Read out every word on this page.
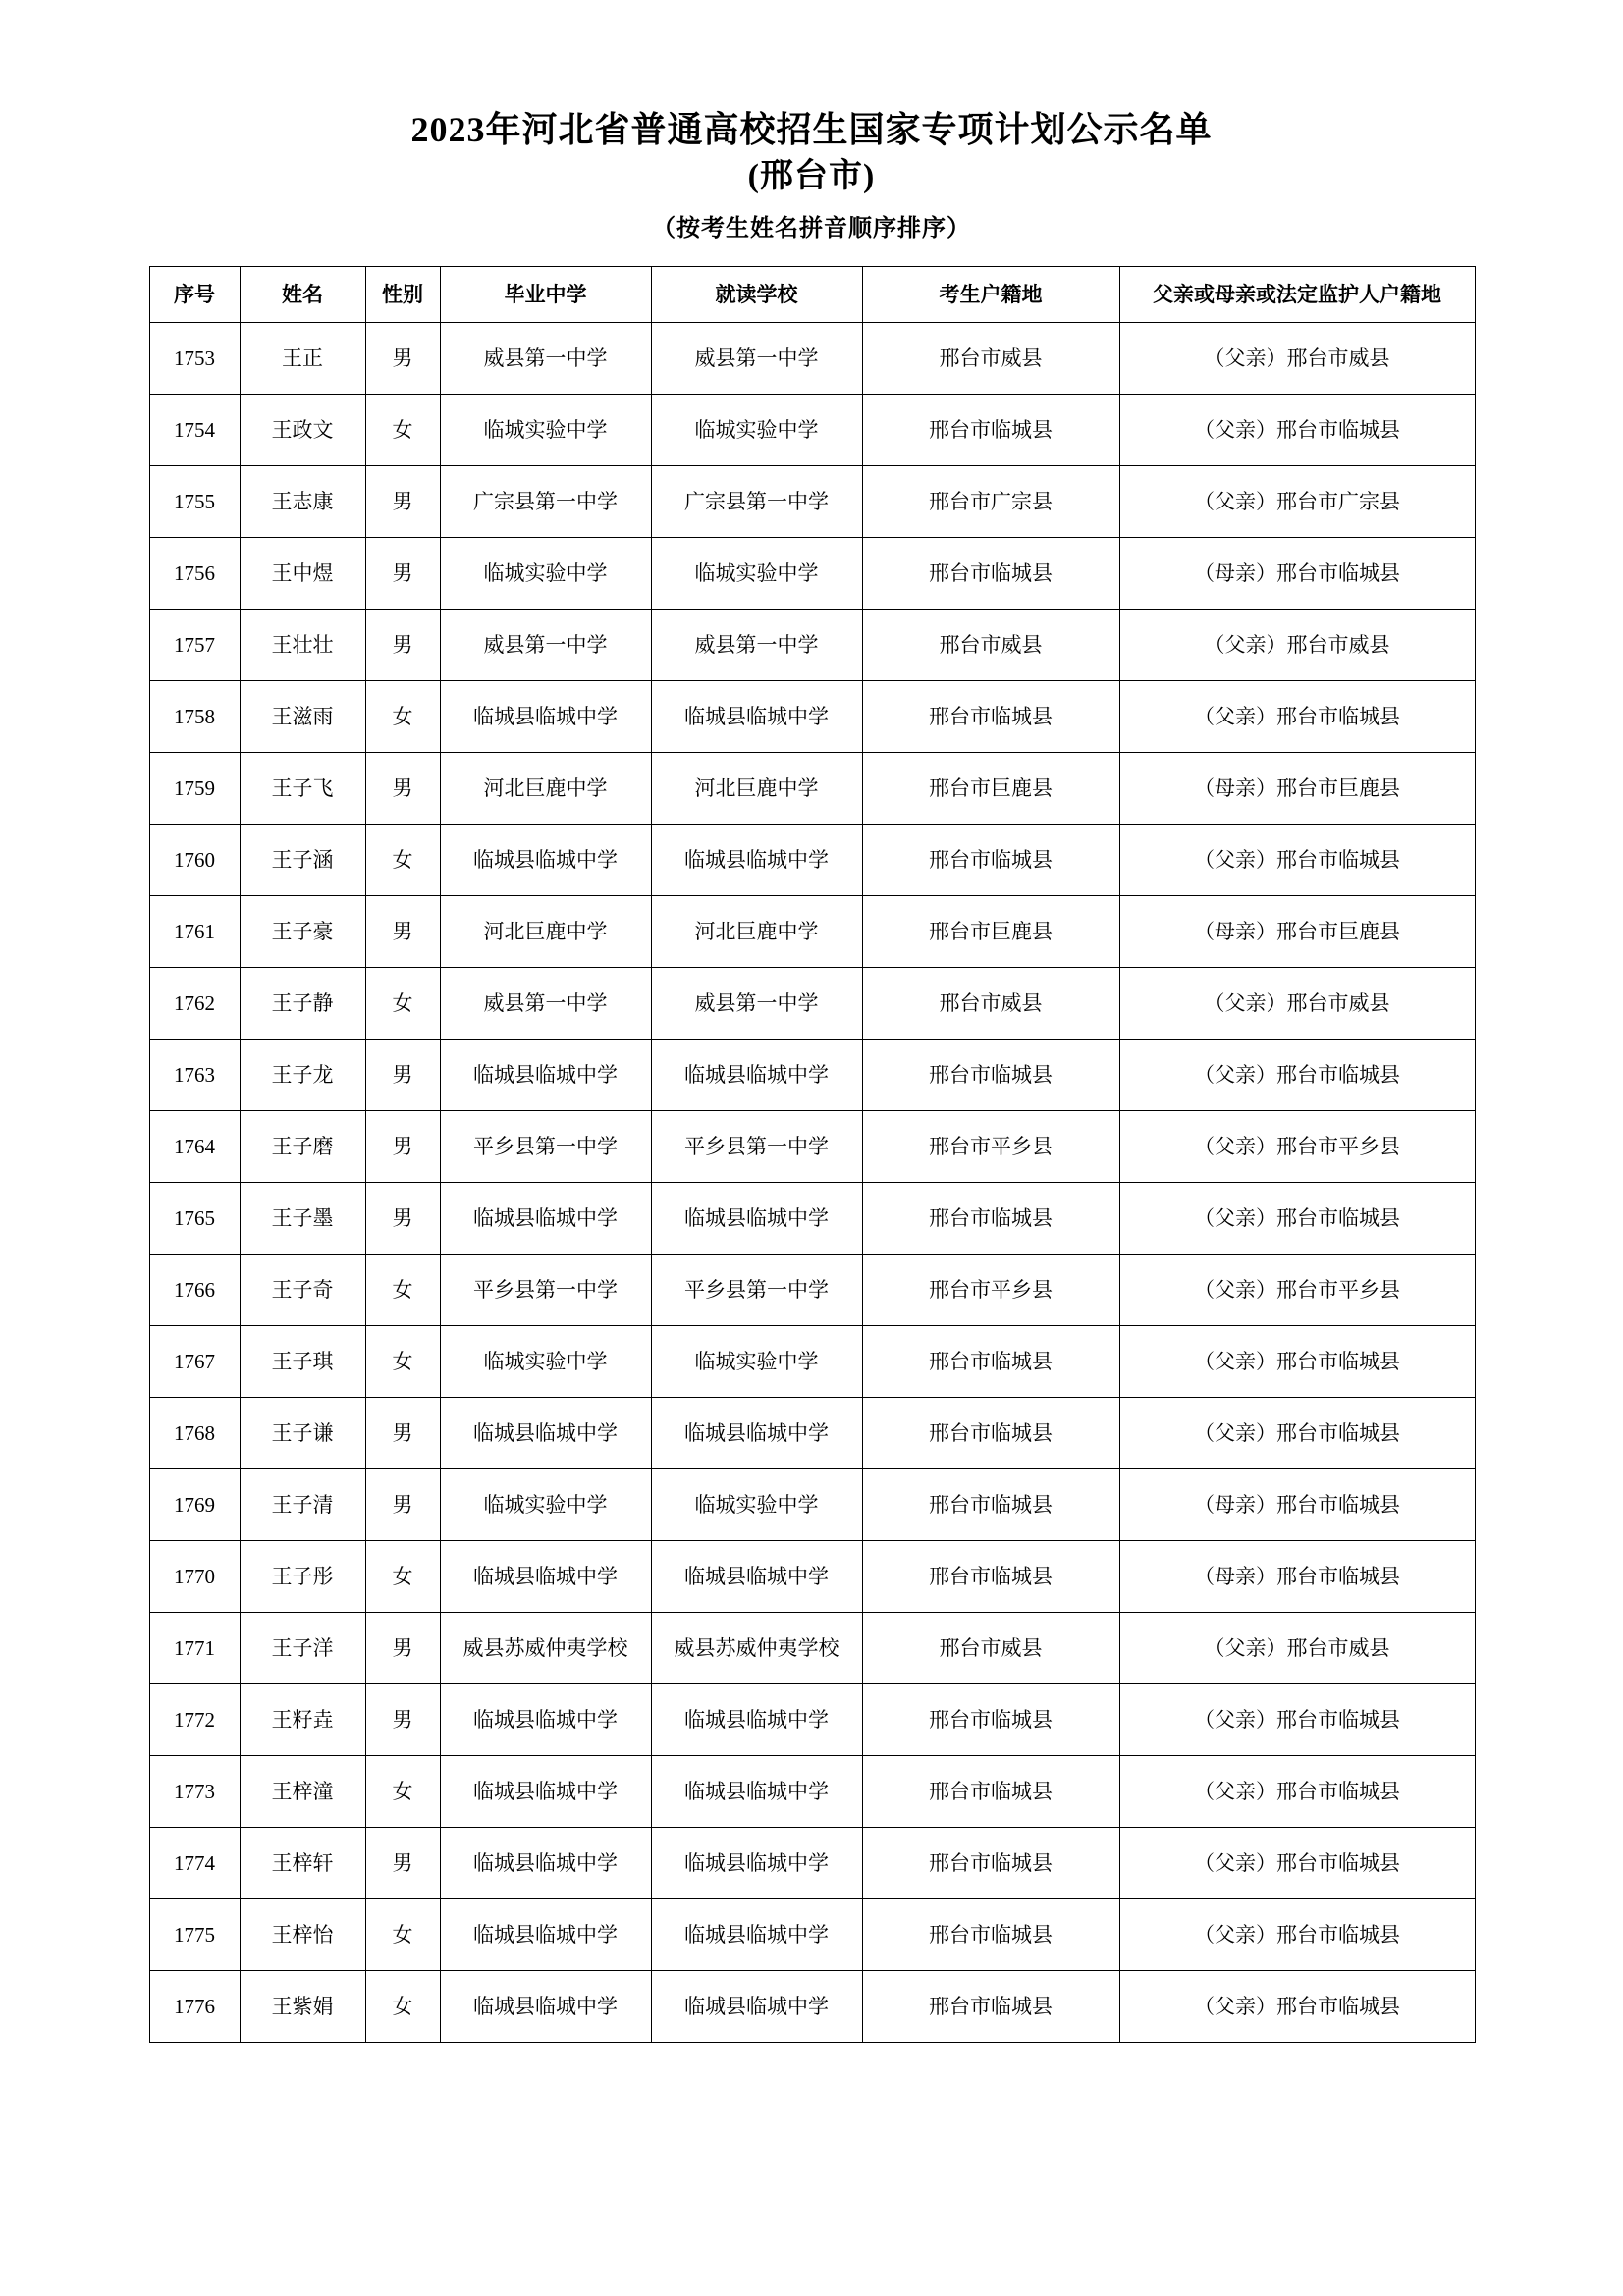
2023年河北省普通高校招生国家专项计划公示名单
(邢台市)
（按考生姓名拼音顺序排序）
序号	姓名	性别	毕业中学	就读学校	考生户籍地	父亲或母亲或法定监护人户籍地
1753	王正	男	威县第一中学	威县第一中学	邢台市威县	（父亲）邢台市威县
1754	王政文	女	临城实验中学	临城实验中学	邢台市临城县	（父亲）邢台市临城县
1755	王志康	男	广宗县第一中学	广宗县第一中学	邢台市广宗县	（父亲）邢台市广宗县
1756	王中煜	男	临城实验中学	临城实验中学	邢台市临城县	（母亲）邢台市临城县
1757	王壮壮	男	威县第一中学	威县第一中学	邢台市威县	（父亲）邢台市威县
1758	王滋雨	女	临城县临城中学	临城县临城中学	邢台市临城县	（父亲）邢台市临城县
1759	王子飞	男	河北巨鹿中学	河北巨鹿中学	邢台市巨鹿县	（母亲）邢台市巨鹿县
1760	王子涵	女	临城县临城中学	临城县临城中学	邢台市临城县	（父亲）邢台市临城县
1761	王子豪	男	河北巨鹿中学	河北巨鹿中学	邢台市巨鹿县	（母亲）邢台市巨鹿县
1762	王子静	女	威县第一中学	威县第一中学	邢台市威县	（父亲）邢台市威县
1763	王子龙	男	临城县临城中学	临城县临城中学	邢台市临城县	（父亲）邢台市临城县
1764	王子磨	男	平乡县第一中学	平乡县第一中学	邢台市平乡县	（父亲）邢台市平乡县
1765	王子墨	男	临城县临城中学	临城县临城中学	邢台市临城县	（父亲）邢台市临城县
1766	王子奇	女	平乡县第一中学	平乡县第一中学	邢台市平乡县	（父亲）邢台市平乡县
1767	王子琪	女	临城实验中学	临城实验中学	邢台市临城县	（父亲）邢台市临城县
1768	王子谦	男	临城县临城中学	临城县临城中学	邢台市临城县	（父亲）邢台市临城县
1769	王子清	男	临城实验中学	临城实验中学	邢台市临城县	（母亲）邢台市临城县
1770	王子彤	女	临城县临城中学	临城县临城中学	邢台市临城县	（母亲）邢台市临城县
1771	王子洋	男	威县苏威仲夷学校	威县苏威仲夷学校	邢台市威县	（父亲）邢台市威县
1772	王籽垚	男	临城县临城中学	临城县临城中学	邢台市临城县	（父亲）邢台市临城县
1773	王梓潼	女	临城县临城中学	临城县临城中学	邢台市临城县	（父亲）邢台市临城县
1774	王梓轩	男	临城县临城中学	临城县临城中学	邢台市临城县	（父亲）邢台市临城县
1775	王梓怡	女	临城县临城中学	临城县临城中学	邢台市临城县	（父亲）邢台市临城县
1776	王紫娟	女	临城县临城中学	临城县临城中学	邢台市临城县	（父亲）邢台市临城县
